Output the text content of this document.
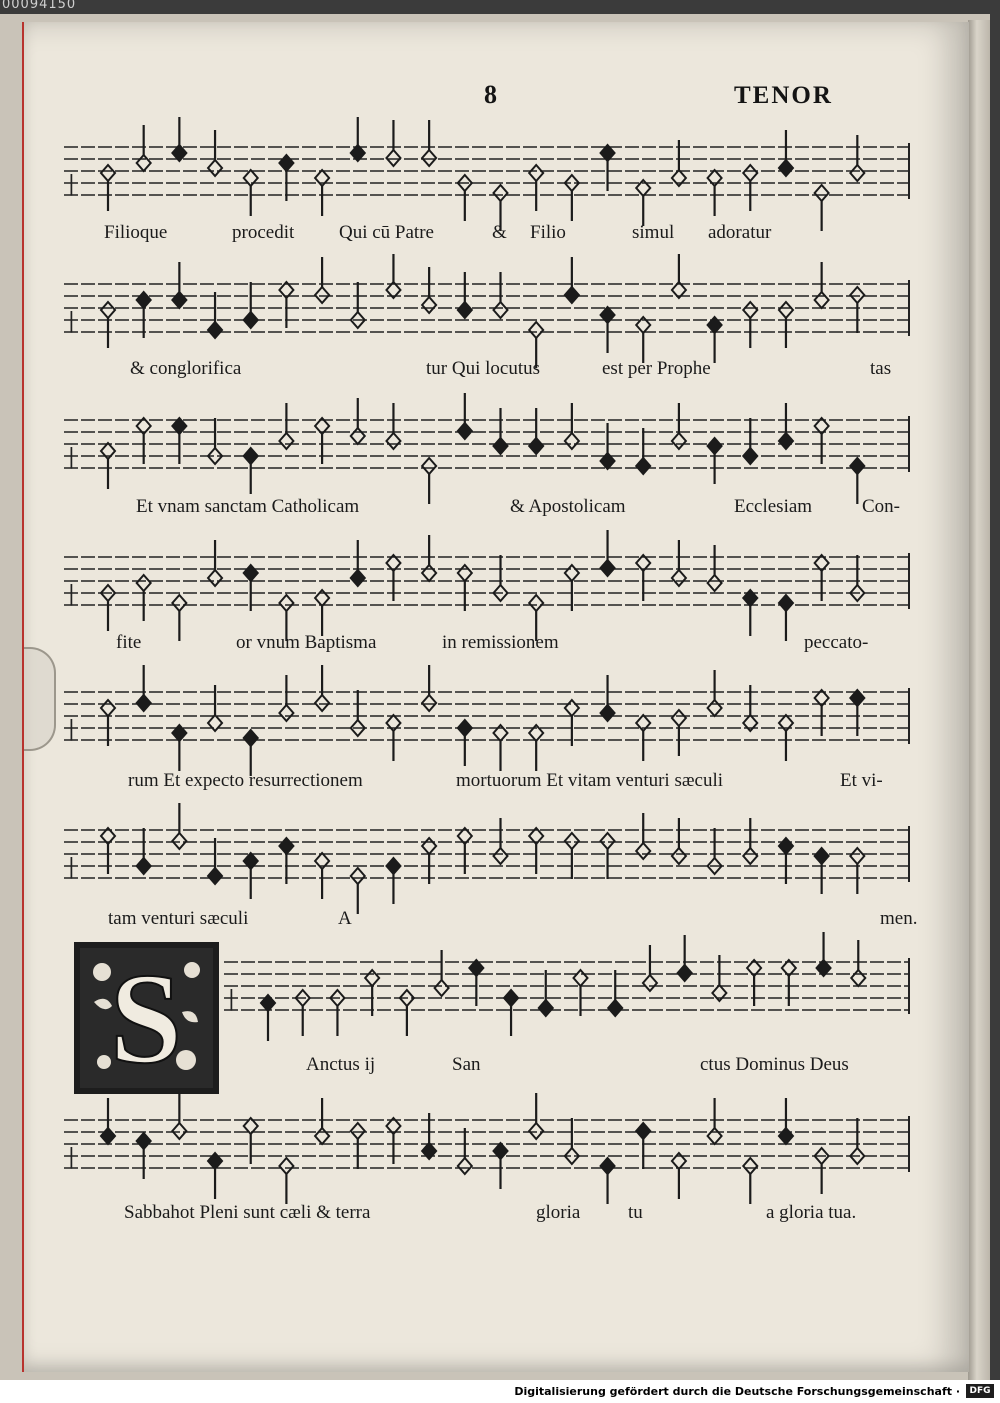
00094150
8	TENOR
S
∣
Filioque	procedit Qui cū Patre	& Filio	simul adoratur
∣
& conglorifica	tur Qui locutus	est per Prophe	tas
∣
Et vnam sanctam Catholicam	& Apostolicam	Ecclesiam	Con-
∣
fite	or vnum Baptisma	in remissionem	peccato-
∣
rum Et expecto resurrectionem	mortuorum Et vitam venturi sæculi	Et vi-
∣
tam venturi sæculi	A	men.
∣
Anctus ij	San	ctus Dominus Deus
∣
Sabbahot Pleni sunt cæli & terra	gloria	tu	a gloria tua.
Digitalisierung gefördert durch die Deutsche Forschungsgemeinschaft ·	DFG
